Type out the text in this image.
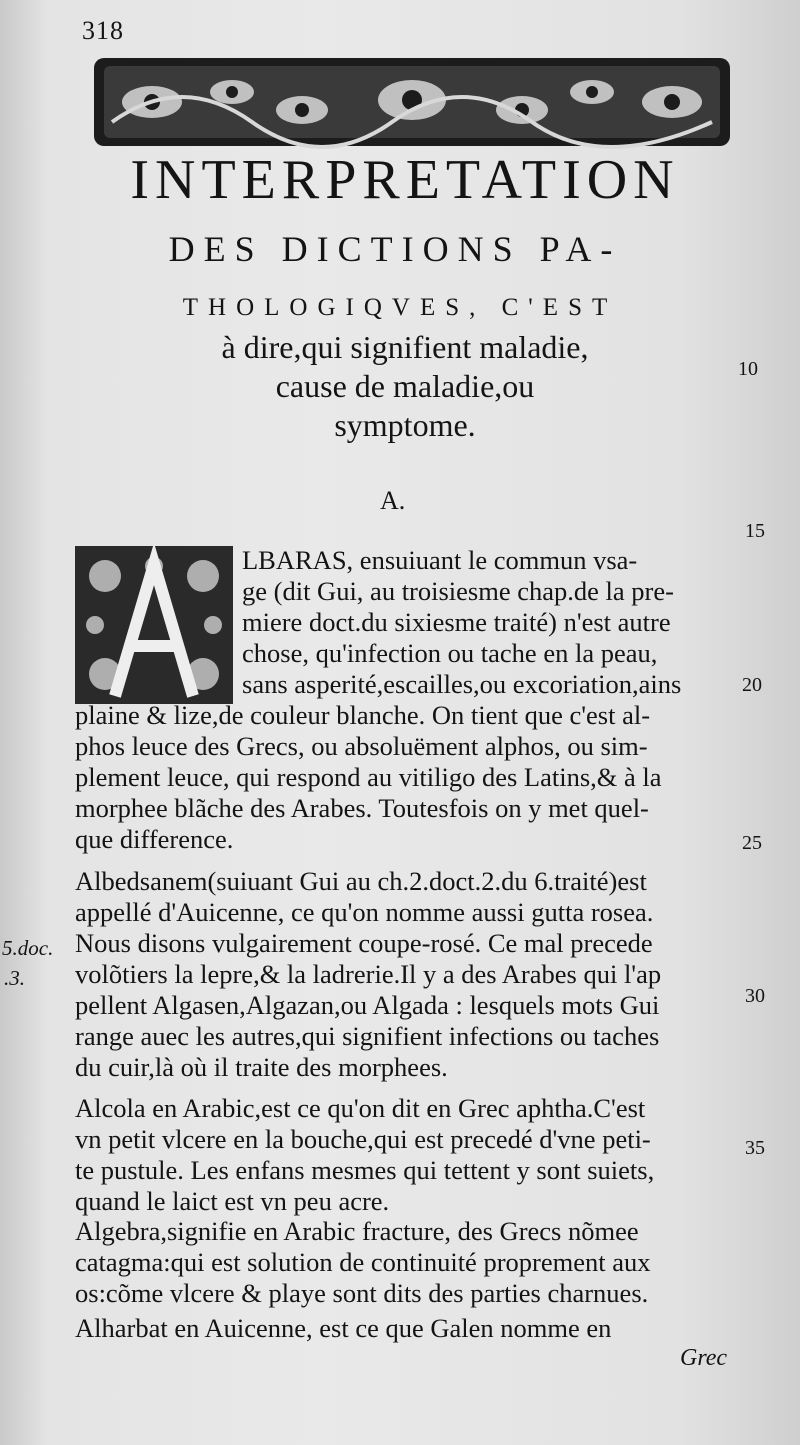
318
INTERPRETATION
DES DICTIONS PA-
THOLOGIQVES, C'EST
à dire,qui signifient maladie,
cause de maladie,ou
symptome.
A.
LBARAS, ensuiuant le commun vsa-
ge (dit Gui, au troisiesme chap.de la pre-
miere doct.du sixiesme traité) n'est autre
chose, qu'infection ou tache en la peau,
sans asperité,escailles,ou excoriation,ains
plaine & lize,de couleur blanche. On tient que c'est al-
phos leuce des Grecs, ou absoluëment alphos, ou sim-
plement leuce, qui respond au vitiligo des Latins,& à la
morphee blãche des Arabes. Toutesfois on y met quel-
que difference.
Albedsanem(suiuant Gui au ch.2.doct.2.du 6.traité)est
appellé d'Auicenne, ce qu'on nomme aussi gutta rosea.
Nous disons vulgairement coupe-rosé. Ce mal precede
volõtiers la lepre,& la ladrerie.Il y a des Arabes qui l'ap
pellent Algasen,Algazan,ou Algada : lesquels mots Gui
range auec les autres,qui signifient infections ou taches
du cuir,là où il traite des morphees.
Alcola en Arabic,est ce qu'on dit en Grec aphtha.C'est
vn petit vlcere en la bouche,qui est precedé d'vne peti-
te pustule. Les enfans mesmes qui tettent y sont suiets,
quand le laict est vn peu acre.
Algebra,signifie en Arabic fracture, des Grecs nõmee
catagma:qui est solution de continuité proprement aux
os:cõme vlcere & playe sont dits des parties charnues.
Alharbat en Auicenne, est ce que Galen nomme en
Grec
10
15
20
25
30
35
5.doc.
.3.
